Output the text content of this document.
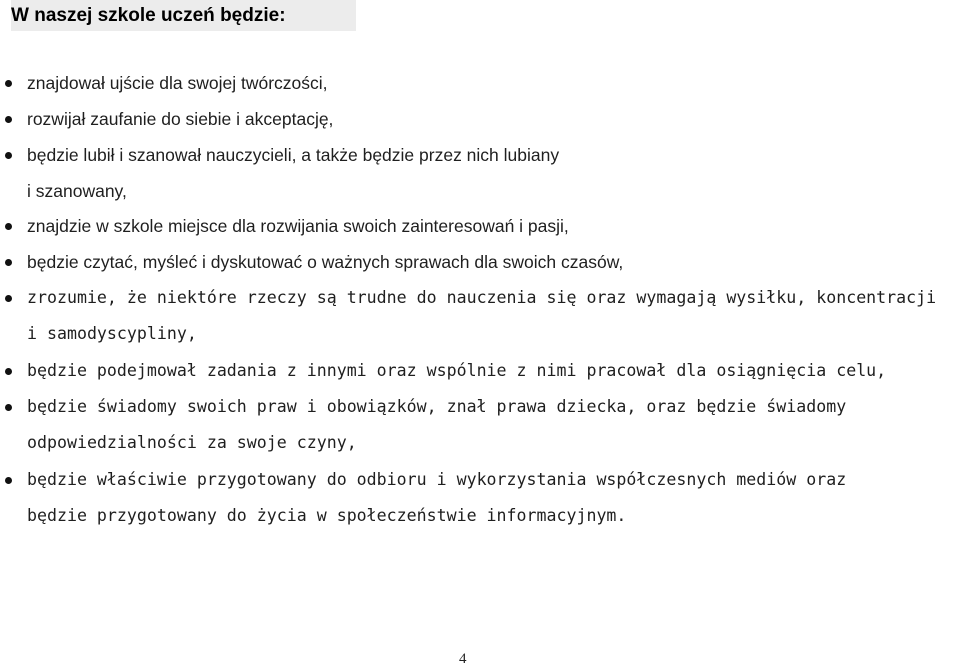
W naszej szkole uczeń będzie:
znajdował ujście dla swojej twórczości,
rozwijał zaufanie do siebie i akceptację,
będzie lubił i szanował nauczycieli, a także będzie przez nich lubiany
i szanowany,
znajdzie w szkole miejsce dla rozwijania swoich zainteresowań i pasji,
będzie czytać, myśleć i dyskutować o ważnych sprawach dla swoich czasów,
zrozumie, że niektóre rzeczy są trudne do nauczenia się oraz wymagają wysiłku, koncentracji
i samodyscypliny,
będzie podejmował zadania z innymi oraz wspólnie z nimi pracował dla osiągnięcia celu,
będzie świadomy swoich praw i obowiązków, znał prawa dziecka, oraz będzie świadomy
odpowiedzialności za swoje czyny,
będzie właściwie przygotowany do odbioru i wykorzystania współczesnych mediów oraz
będzie przygotowany do życia w społeczeństwie informacyjnym.
4
